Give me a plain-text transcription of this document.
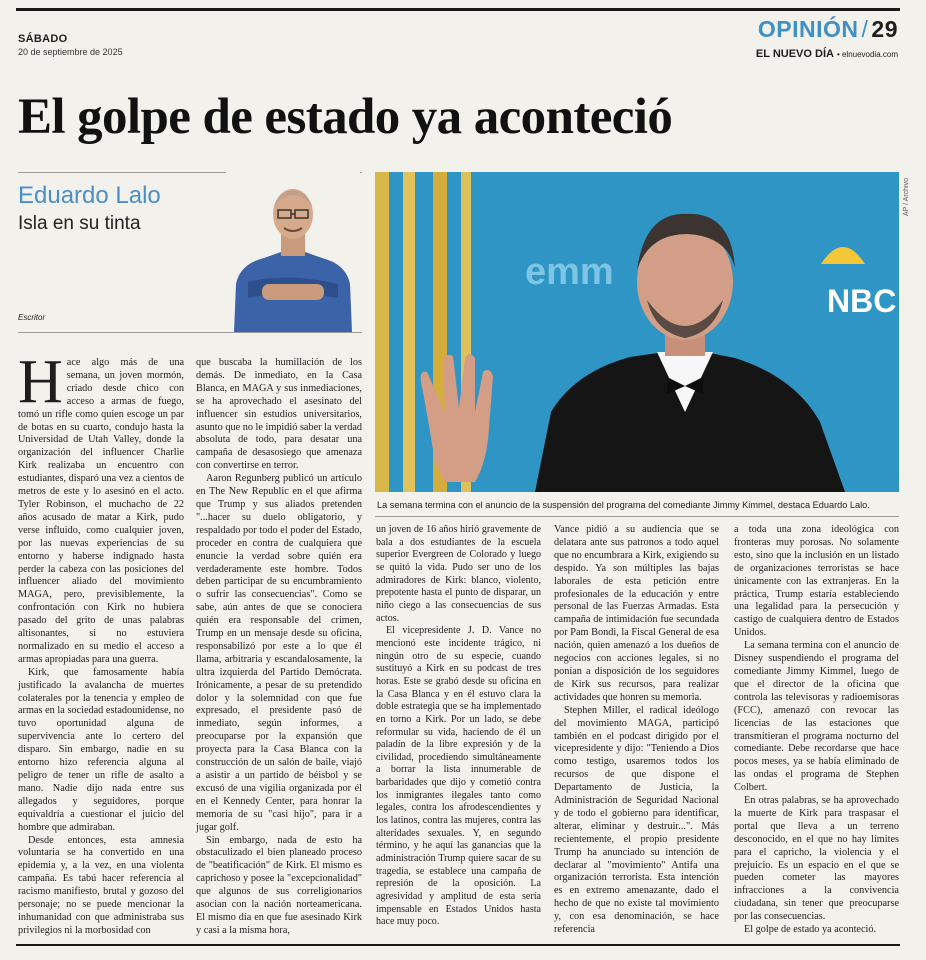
SÁBADO
20 de septiembre de 2025
OPINIÓN / 29
EL NUEVO DÍA • elnuevodia.com
El golpe de estado ya aconteció
Eduardo Lalo
Isla en su tinta
Escritor
emm
NBC
AP / Archivo
La semana termina con el anuncio de la suspensión del programa del comediante Jimmy Kimmel, destaca Eduardo Lalo.

Hace algo más de una semana, un joven mormón, criado desde chico con acceso a armas de fuego, tomó un rifle como quien escoge un par de botas en su cuarto, condujo hasta la Universidad de Utah Valley, donde la organización del influencer Charlie Kirk realizaba un encuentro con estudiantes, disparó una vez a cientos de metros de este y lo asesinó en el acto. Tyler Robinson, el muchacho de 22 años acusado de matar a Kirk, pudo verse influido, como cualquier joven, por las nuevas experiencias de su entorno y haberse indignado hasta perder la cabeza con las posiciones del influencer aliado del movimiento MAGA, pero, previsiblemente, la confrontación con Kirk no hubiera pasado del grito de unas palabras altisonantes, si no estuviera normalizado en su medio el acceso a armas apropiadas para una guerra.

Kirk, que famosamente había justificado la avalancha de muertes colaterales por la tenencia y empleo de armas en la sociedad estadounidense, no tuvo oportunidad alguna de supervivencia ante lo certero del disparo. Sin embargo, nadie en su entorno hizo referencia alguna al peligro de tener un rifle de asalto a mano. Nadie dijo nada entre sus allegados y seguidores, porque equivaldría a cuestionar el juicio del hombre que admiraban.

Desde entonces, esta amnesia voluntaria se ha convertido en una epidemia y, a la vez, en una violenta campaña. Es tabú hacer referencia al racismo manifiesto, brutal y gozoso del personaje; no se puede mencionar la inhumanidad con que administraba sus privilegios ni la morbosidad con

que buscaba la humillación de los demás. De inmediato, en la Casa Blanca, en MAGA y sus inmediaciones, se ha aprovechado el asesinato del influencer sin estudios universitarios, asunto que no le impidió saber la verdad absoluta de todo, para desatar una campaña de desasosiego que amenaza con convertirse en terror.

Aaron Regunberg publicó un artículo en The New Republic en el que afirma que Trump y sus aliados pretenden "...hacer su duelo obligatorio, y respaldado por todo el poder del Estado, proceder en contra de cualquiera que enuncie la verdad sobre quién era verdaderamente este hombre. Todos deben participar de su encumbramiento o sufrir las consecuencias". Como se sabe, aún antes de que se conociera quién era responsable del crimen, Trump en un mensaje desde su oficina, responsabilizó por este a lo que él llama, arbitraria y escandalosamente, la ultra izquierda del Partido Demócrata. Irónicamente, a pesar de su pretendido dolor y la solemnidad con que fue expresado, el presidente pasó de inmediato, según informes, a preocuparse por la expansión que proyecta para la Casa Blanca con la construcción de un salón de baile, viajó a asistir a un partido de béisbol y se excusó de una vigilia organizada por él en el Kennedy Center, para honrar la memoria de su "casi hijo", para ir a jugar golf.

Sin embargo, nada de esto ha obstaculizado el bien planeado proceso de "beatificación" de Kirk. El mismo es caprichoso y posee la "excepcionalidad" que algunos de sus correligionarios asocian con la nación norteamericana. El mismo día en que fue asesinado Kirk y casi a la misma hora,

un joven de 16 años hirió gravemente de bala a dos estudiantes de la escuela superior Evergreen de Colorado y luego se quitó la vida. Pudo ser uno de los admiradores de Kirk: blanco, violento, prepotente hasta el punto de disparar, un niño ciego a las consecuencias de sus actos.

El vicepresidente J. D. Vance no mencionó este incidente trágico, ni ningún otro de su especie, cuando sustituyó a Kirk en su podcast de tres horas. Este se grabó desde su oficina en la Casa Blanca y en él estuvo clara la doble estrategia que se ha implementado en torno a Kirk. Por un lado, se debe reformular su vida, haciendo de él un paladín de la libre expresión y de la civilidad, procediendo simultáneamente a borrar la lista innumerable de barbaridades que dijo y cometió contra los inmigrantes ilegales tanto como legales, contra los afrodescendientes y los latinos, contra las mujeres, contra las alteridades sexuales. Y, en segundo término, y he aquí las ganancias que la administración Trump quiere sacar de su tragedia, se establece una campaña de represión de la oposición. La agresividad y amplitud de esta sería impensable en Estados Unidos hasta hace muy poco.

Vance pidió a su audiencia que se delatara ante sus patronos a todo aquel que no encumbrara a Kirk, exigiendo su despido. Ya son múltiples las bajas laborales de esta petición entre profesionales de la educación y entre personal de las Fuerzas Armadas. Esta campaña de intimidación fue secundada por Pam Bondi, la Fiscal General de esa nación, quien amenazó a los dueños de negocios con acciones legales, si no ponían a disposición de los seguidores de Kirk sus recursos, para realizar actividades que honren su memoria.

Stephen Miller, el radical ideólogo del movimiento MAGA, participó también en el podcast dirigido por el vicepresidente y dijo: "Teniendo a Dios como testigo, usaremos todos los recursos de que dispone el Departamento de Justicia, la Administración de Seguridad Nacional y de todo el gobierno para identificar, alterar, eliminar y destruir...". Más recientemente, el propio presidente Trump ha anunciado su intención de declarar al "movimiento" Antifa una organización terrorista. Esta intención es en extremo amenazante, dado el hecho de que no existe tal movimiento y, con esa denominación, se hace referencia

a toda una zona ideológica con fronteras muy porosas. No solamente esto, sino que la inclusión en un listado de organizaciones terroristas se hace únicamente con las extranjeras. En la práctica, Trump estaría estableciendo una legalidad para la persecución y castigo de cualquiera dentro de Estados Unidos.

La semana termina con el anuncio de Disney suspendiendo el programa del comediante Jimmy Kimmel, luego de que el director de la oficina que controla las televisoras y radioemisoras (FCC), amenazó con revocar las licencias de las estaciones que transmitieran el programa nocturno del comediante. Debe recordarse que hace pocos meses, ya se había eliminado de las ondas el programa de Stephen Colbert.

En otras palabras, se ha aprovechado la muerte de Kirk para traspasar el portal que lleva a un terreno desconocido, en el que no hay límites para el capricho, la violencia y el prejuicio. Es un espacio en el que se pueden cometer las mayores infracciones a la convivencia ciudadana, sin tener que preocuparse por las consecuencias.

El golpe de estado ya aconteció.
